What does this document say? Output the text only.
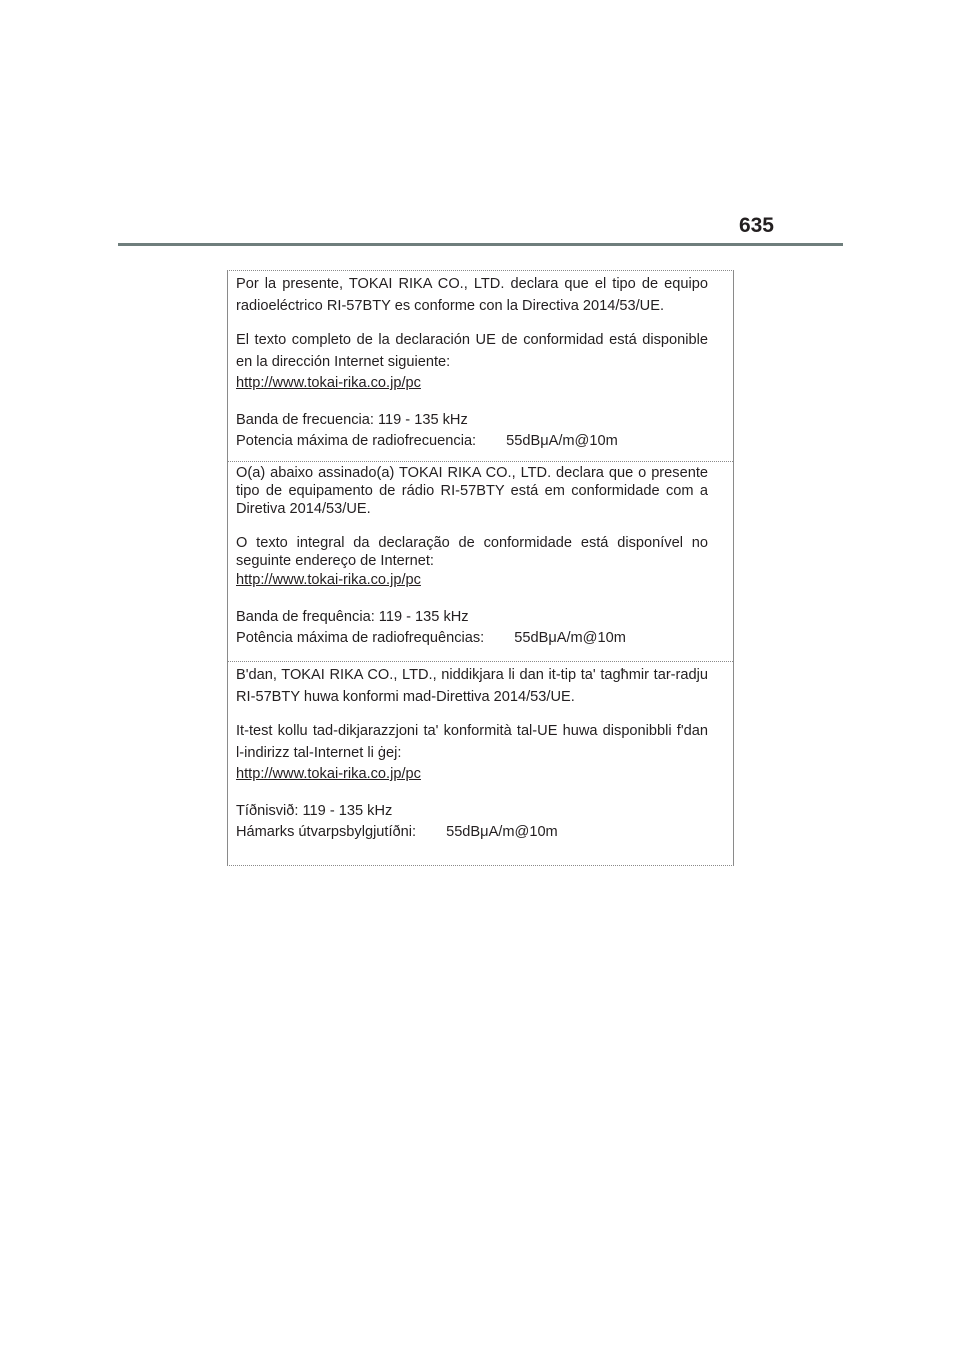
635

Por la presente, TOKAI RIKA CO., LTD. declara que el tipo de equipo radioeléctrico RI-57BTY es conforme con la Directiva 2014/53/UE.

El texto completo de la declaración UE de conformidad está disponible en la dirección Internet siguiente:

http://www.tokai-rika.co.jp/pc
Banda de frecuencia: 119 - 135 kHz
Potencia máxima de radiofrecuencia: 55dBμA/m@10m

O(a) abaixo assinado(a) TOKAI RIKA CO., LTD. declara que o presente tipo de equipamento de rádio RI-57BTY está em conformidade com a Diretiva 2014/53/UE.

O texto integral da declaração de conformidade está disponível no seguinte endereço de Internet:

http://www.tokai-rika.co.jp/pc
Banda de frequência: 119 - 135 kHz
Potência máxima de radiofrequências: 55dBμA/m@10m

B'dan, TOKAI RIKA CO., LTD., niddikjara li dan it-tip ta' tagħmir tar-radju RI-57BTY huwa konformi mad-Direttiva 2014/53/UE.

It-test kollu tad-dikjarazzjoni ta' konformità tal-UE huwa disponibbli f'dan l-indirizz tal-Internet li ġej:

http://www.tokai-rika.co.jp/pc
Tíðnisvið: 119 - 135 kHz
Hámarks útvarpsbylgjutíðni: 55dBμA/m@10m
